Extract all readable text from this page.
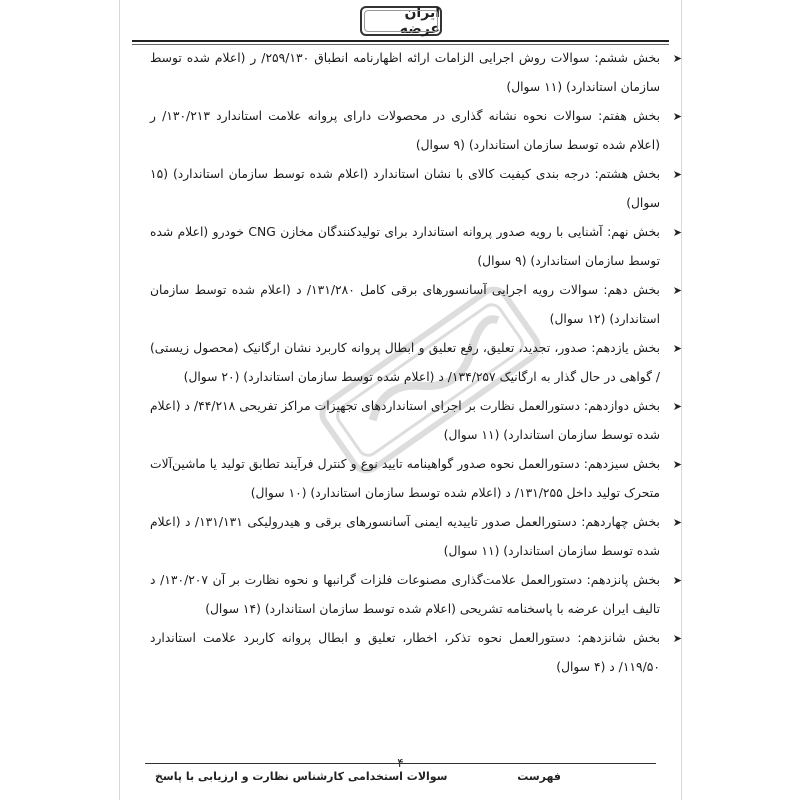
ایران عرضه
➤
بخش ششم: سوالات روش اجرایی الزامات ارائه اظهارنامه انطباق ۲۵۹/۱۳۰/ ر (اعلام شده توسط سازمان استاندارد) (۱۱ سوال)
➤
بخش هفتم: سوالات نحوه نشانه گذاری در محصولات دارای پروانه علامت استاندارد ۱۳۰/۲۱۳/ ر (اعلام شده توسط سازمان استاندارد) (۹ سوال)
➤
بخش هشتم: درجه بندی کیفیت کالای با نشان استاندارد (اعلام شده توسط سازمان استاندارد) (۱۵ سوال)
➤
بخش نهم: آشنایی با رویه صدور پروانه استاندارد برای تولیدکنندگان مخازن CNG خودرو (اعلام شده توسط سازمان استاندارد) (۹ سوال)
➤
بخش دهم: سوالات رویه اجرایی آسانسورهای برقی کامل ۱۳۱/۲۸۰/ د (اعلام شده توسط سازمان استاندارد) (۱۲ سوال)
➤
بخش یازدهم: صدور، تجدید، تعلیق، رفع تعلیق و ابطال پروانه کاربرد نشان ارگانیک (محصول زیستی) / گواهی در حال گذار به ارگانیک ۱۳۴/۲۵۷/ د (اعلام شده توسط سازمان استاندارد) (۲۰ سوال)
➤
بخش دوازدهم: دستورالعمل نظارت بر اجرای استانداردهای تجهیزات مراکز تفریحی ۴۴/۲۱۸/ د (اعلام شده توسط سازمان استاندارد) (۱۱ سوال)
➤
بخش سیزدهم: دستورالعمل نحوه صدور گواهینامه تایید نوع و کنترل فرآیند تطابق تولید یا ماشین‌آلات متحرک تولید داخل ۱۳۱/۲۵۵/ د (اعلام شده توسط سازمان استاندارد) (۱۰ سوال)
➤
بخش چهاردهم: دستورالعمل صدور تاییدیه ایمنی آسانسورهای برقی و هیدرولیکی ۱۳۱/۱۳۱/ د (اعلام شده توسط سازمان استاندارد) (۱۱ سوال)
➤
بخش پانزدهم: دستورالعمل علامت‌گذاری مصنوعات فلزات گرانبها و نحوه نظارت بر آن ۱۳۰/۲۰۷/ د تالیف ایران عرضه با پاسخنامه تشریحی (اعلام شده توسط سازمان استاندارد) (۱۴ سوال)
➤
بخش شانزدهم: دستورالعمل نحوه تذکر، اخطار، تعلیق و ابطال پروانه کاربرد علامت استاندارد ۱۱۹/۵۰/ د (۴ سوال)
۴
سوالات استخدامی کارشناس نظارت و ارزیابی با پاسخ	فهرست
